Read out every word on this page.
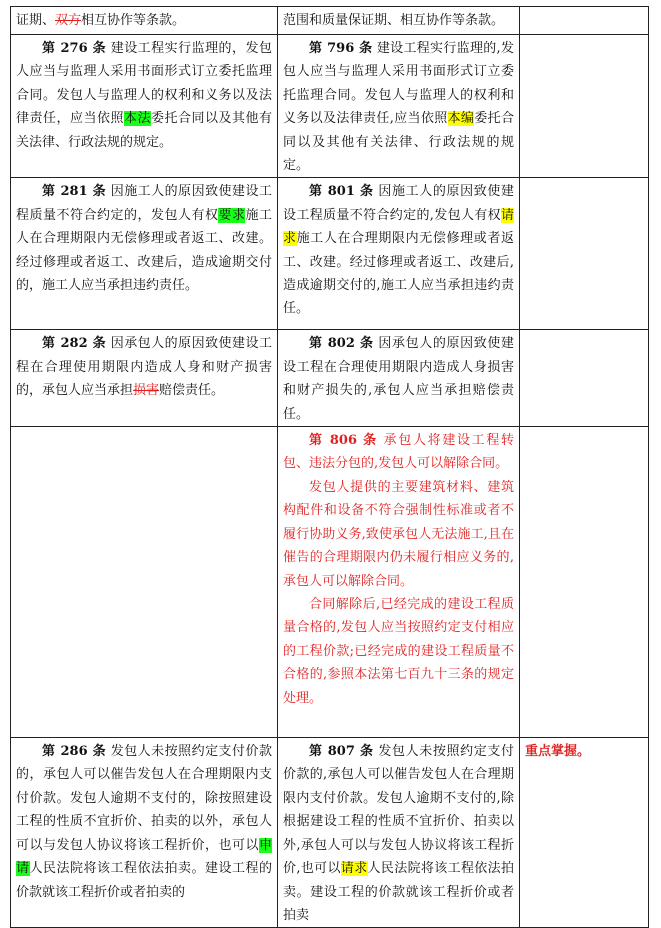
证期、双方相互协作等条款。	范围和质量保证期、相互协作等条款。	

第 276 条 建设工程实行监理的，发包人应当与监理人采用书面形式订立委托监理合同。发包人与监理人的权利和义务以及法律责任，应当依照本法委托合同以及其他有关法律、行政法规的规定。	第 796 条 建设工程实行监理的,发包人应当与监理人采用书面形式订立委托监理合同。发包人与监理人的权利和义务以及法律责任,应当依照本编委托合同以及其他有关法律、行政法规的规定。	

第 281 条 因施工人的原因致使建设工程质量不符合约定的，发包人有权要求施工人在合理期限内无偿修理或者返工、改建。经过修理或者返工、改建后，造成逾期交付的，施工人应当承担违约责任。	第 801 条 因施工人的原因致使建设工程质量不符合约定的,发包人有权请求施工人在合理期限内无偿修理或者返工、改建。经过修理或者返工、改建后,造成逾期交付的,施工人应当承担违约责任。	

第 282 条 因承包人的原因致使建设工程在合理使用期限内造成人身和财产损害的，承包人应当承担损害赔偿责任。	第 802 条 因承包人的原因致使建设工程在合理使用期限内造成人身损害和财产损失的,承包人应当承担赔偿责任。	

	第 806 条 承包人将建设工程转包、违法分包的,发包人可以解除合同。

发包人提供的主要建筑材料、建筑构配件和设备不符合强制性标准或者不履行协助义务,致使承包人无法施工,且在催告的合理期限内仍未履行相应义务的,承包人可以解除合同。

合同解除后,已经完成的建设工程质量合格的,发包人应当按照约定支付相应的工程价款;已经完成的建设工程质量不合格的,参照本法第七百九十三条的规定处理。	

第 286 条 发包人未按照约定支付价款的，承包人可以催告发包人在合理期限内支付价款。发包人逾期不支付的，除按照建设工程的性质不宜折价、拍卖的以外，承包人可以与发包人协议将该工程折价，也可以申请人民法院将该工程依法拍卖。建设工程的价款就该工程折价或者拍卖的	第 807 条 发包人未按照约定支付价款的,承包人可以催告发包人在合理期限内支付价款。发包人逾期不支付的,除根据建设工程的性质不宜折价、拍卖以外,承包人可以与发包人协议将该工程折价,也可以请求人民法院将该工程依法拍卖。建设工程的价款就该工程折价或者拍卖	重点掌握。
